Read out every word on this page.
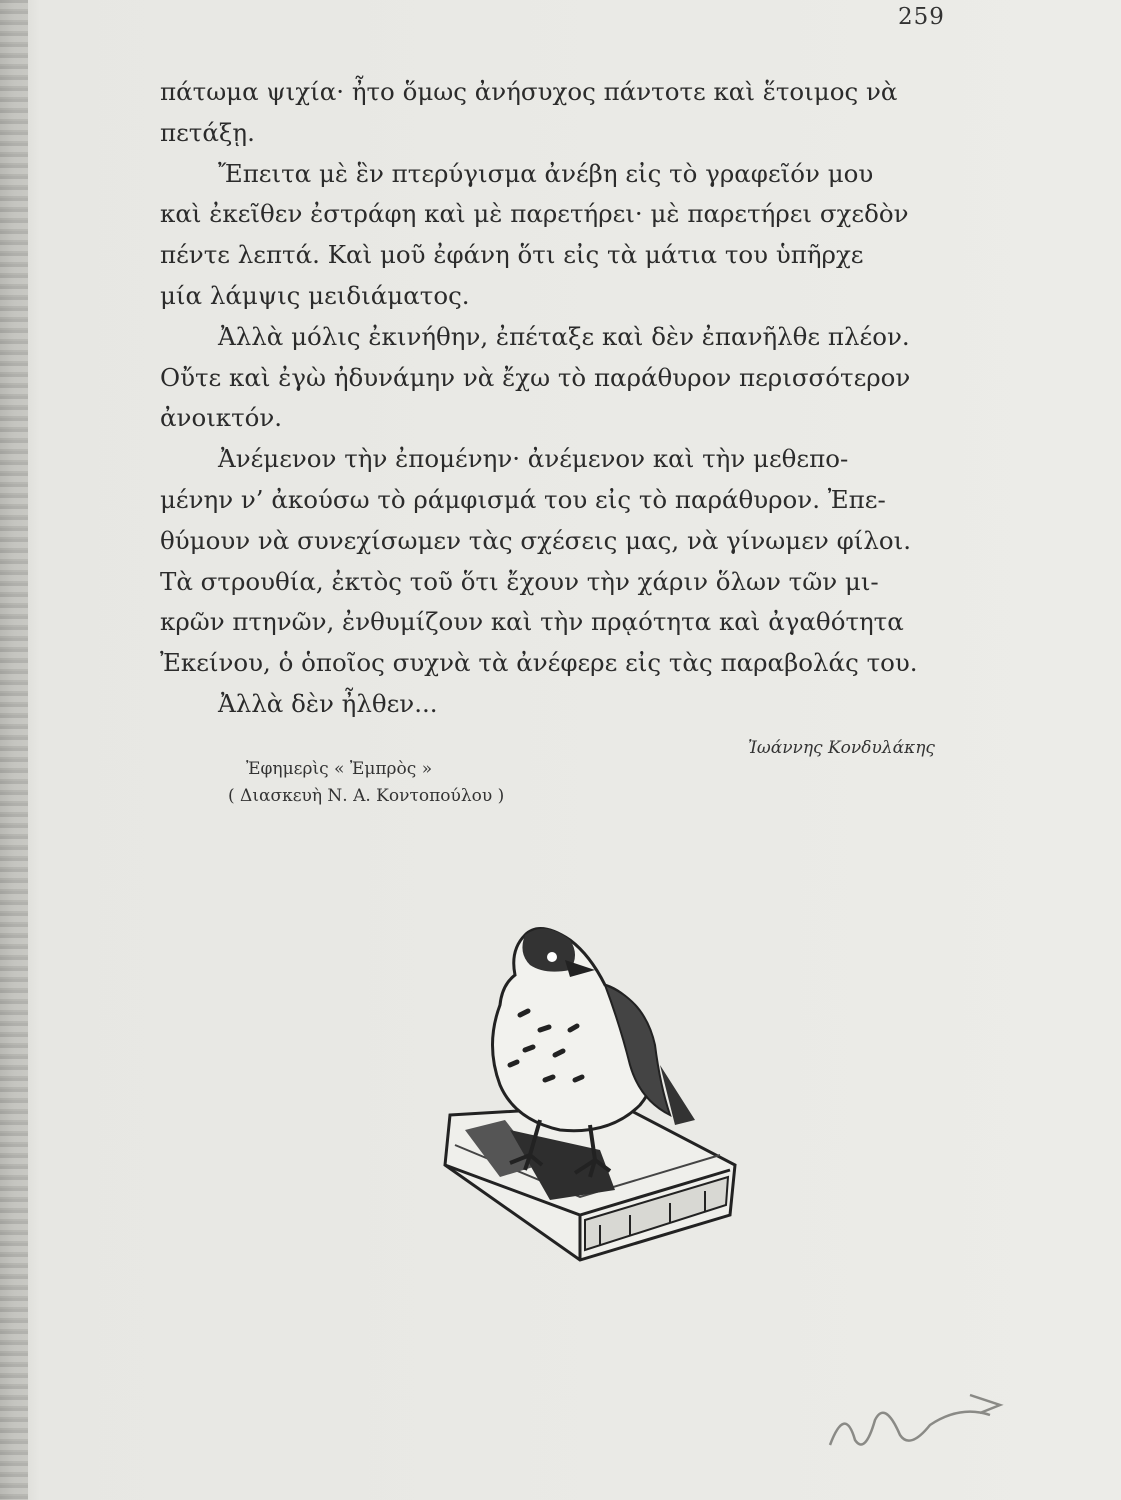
259
πάτωμα ψιχία· ἦτο ὅμως ἀνήσυχος πάντοτε καὶ ἕτοιμος νὰ
πετάξῃ.
Ἔπειτα μὲ ἓν πτερύγισμα ἀνέβη εἰς τὸ γραφεῖόν μου
καὶ ἐκεῖθεν ἐστράφη καὶ μὲ παρετήρει· μὲ παρετήρει σχεδὸν
πέντε λεπτά. Καὶ μοῦ ἐφάνη ὅτι εἰς τὰ μάτια του ὑπῆρχε
μία λάμψις μειδιάματος.
Ἀλλὰ μόλις ἐκινήθην, ἐπέταξε καὶ δὲν ἐπανῆλθε πλέον.
Οὔτε καὶ ἐγὼ ἠδυνάμην νὰ ἔχω τὸ παράθυρον περισσότερον
ἀνοικτόν.
Ἀνέμενον τὴν ἐπομένην· ἀνέμενον καὶ τὴν μεθεπο-
μένην ν’ ἀκούσω τὸ ράμφισμά του εἰς τὸ παράθυρον. Ἐπε-
θύμουν νὰ συνεχίσωμεν τὰς σχέσεις μας, νὰ γίνωμεν φίλοι.
Τὰ στρουθία, ἐκτὸς τοῦ ὅτι ἔχουν τὴν χάριν ὅλων τῶν μι-
κρῶν πτηνῶν, ἐνθυμίζουν καὶ τὴν πρᾳότητα καὶ ἀγαθότητα
Ἐκείνου, ὁ ὁποῖος συχνὰ τὰ ἀνέφερε εἰς τὰς παραβολάς του.
Ἀλλὰ δὲν ἦλθεν...
Ἐφημερὶς « Ἐμπρὸς »
( Διασκευὴ Ν. Α. Κοντοπούλου )
Ἰωάννης Κονδυλάκης
